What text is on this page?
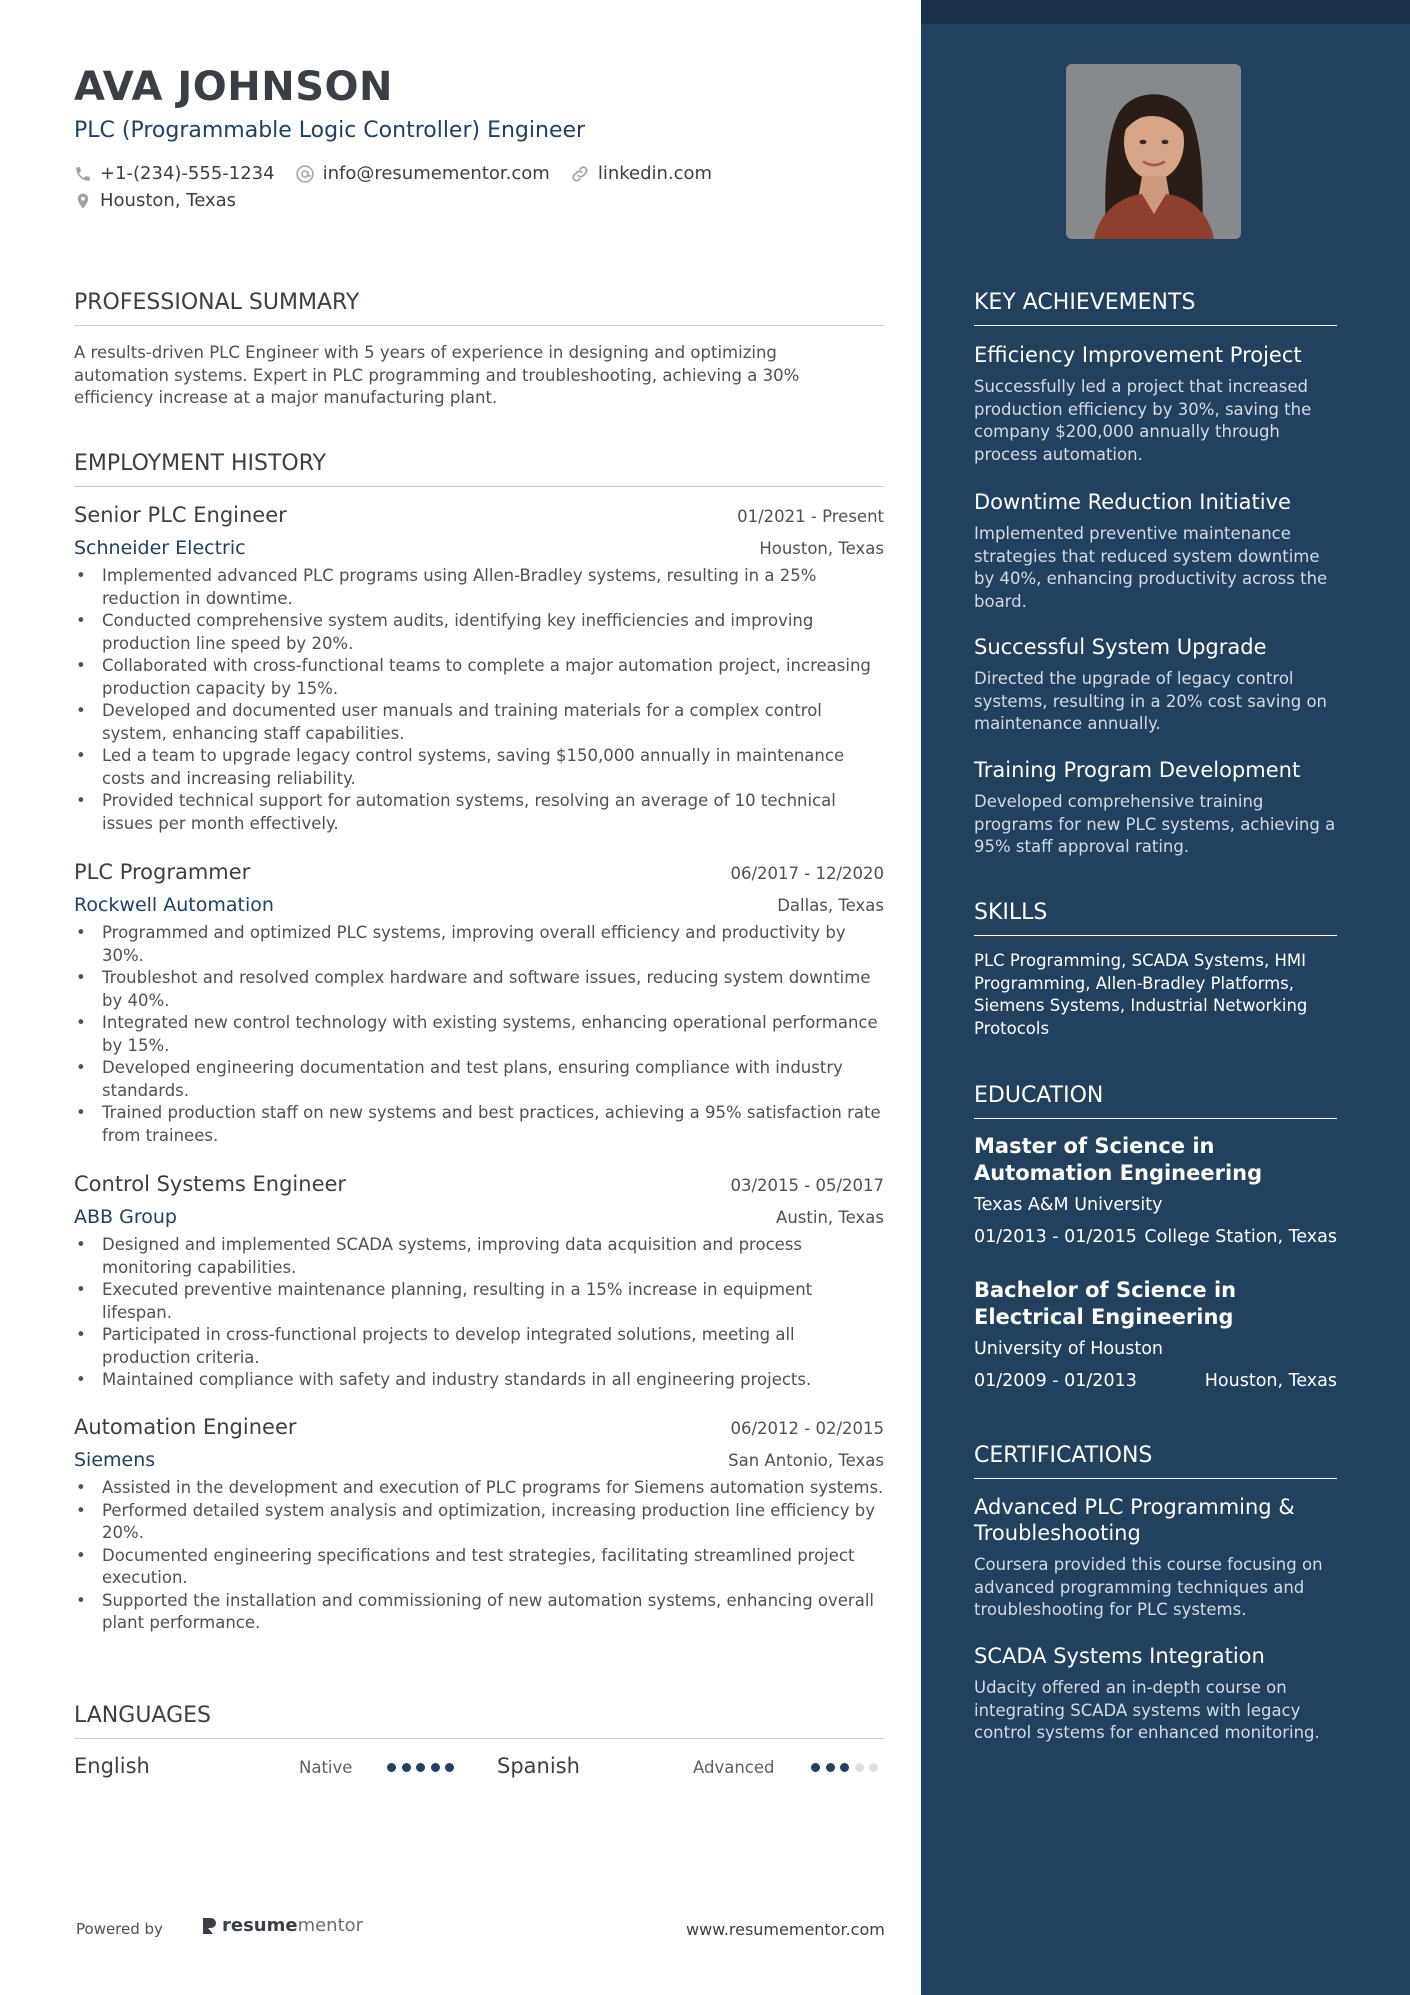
AVA JOHNSON
PLC (Programmable Logic Controller) Engineer
+1-(234)-555-1234	info@resumementor.com	linkedin.com
Houston, Texas
PROFESSIONAL SUMMARY

A results-driven PLC Engineer with 5 years of experience in designing and optimizing automation systems. Expert in PLC programming and troubleshooting, achieving a 30% efficiency increase at a major manufacturing plant.

EMPLOYMENT HISTORY
Senior PLC Engineer	01/2021 - Present
Schneider Electric	Houston, Texas
• Implemented advanced PLC programs using Allen-Bradley systems, resulting in a 25% reduction in downtime.
• Conducted comprehensive system audits, identifying key inefficiencies and improving production line speed by 20%.
• Collaborated with cross-functional teams to complete a major automation project, increasing production capacity by 15%.
• Developed and documented user manuals and training materials for a complex control system, enhancing staff capabilities.
• Led a team to upgrade legacy control systems, saving $150,000 annually in maintenance costs and increasing reliability.
• Provided technical support for automation systems, resolving an average of 10 technical issues per month effectively.
PLC Programmer	06/2017 - 12/2020
Rockwell Automation	Dallas, Texas
• Programmed and optimized PLC systems, improving overall efficiency and productivity by 30%.
• Troubleshot and resolved complex hardware and software issues, reducing system downtime by 40%.
• Integrated new control technology with existing systems, enhancing operational performance by 15%.
• Developed engineering documentation and test plans, ensuring compliance with industry standards.
• Trained production staff on new systems and best practices, achieving a 95% satisfaction rate from trainees.
Control Systems Engineer	03/2015 - 05/2017
ABB Group	Austin, Texas
• Designed and implemented SCADA systems, improving data acquisition and process monitoring capabilities.
• Executed preventive maintenance planning, resulting in a 15% increase in equipment lifespan.
• Participated in cross-functional projects to develop integrated solutions, meeting all production criteria.
• Maintained compliance with safety and industry standards in all engineering projects.
Automation Engineer	06/2012 - 02/2015
Siemens	San Antonio, Texas
• Assisted in the development and execution of PLC programs for Siemens automation systems.
• Performed detailed system analysis and optimization, increasing production line efficiency by 20%.
• Documented engineering specifications and test strategies, facilitating streamlined project execution.
• Supported the installation and commissioning of new automation systems, enhancing overall plant performance.
LANGUAGES
English	Native	Spanish	Advanced
Powered by	resume mentor	www.resumementor.com
KEY ACHIEVEMENTS
Efficiency Improvement Project
Successfully led a project that increased production efficiency by 30%, saving the company $200,000 annually through process automation.
Downtime Reduction Initiative
Implemented preventive maintenance strategies that reduced system downtime by 40%, enhancing productivity across the board.
Successful System Upgrade
Directed the upgrade of legacy control systems, resulting in a 20% cost saving on maintenance annually.
Training Program Development
Developed comprehensive training programs for new PLC systems, achieving a 95% staff approval rating.
SKILLS
PLC Programming, SCADA Systems, HMI Programming, Allen-Bradley Platforms, Siemens Systems, Industrial Networking Protocols
EDUCATION
Master of Science in Automation Engineering
Texas A&M University
01/2013 - 01/2015 College Station, Texas
Bachelor of Science in Electrical Engineering
University of Houston
01/2009 - 01/2013	Houston, Texas
CERTIFICATIONS
Advanced PLC Programming & Troubleshooting
Coursera provided this course focusing on advanced programming techniques and troubleshooting for PLC systems.
SCADA Systems Integration
Udacity offered an in-depth course on integrating SCADA systems with legacy control systems for enhanced monitoring.
